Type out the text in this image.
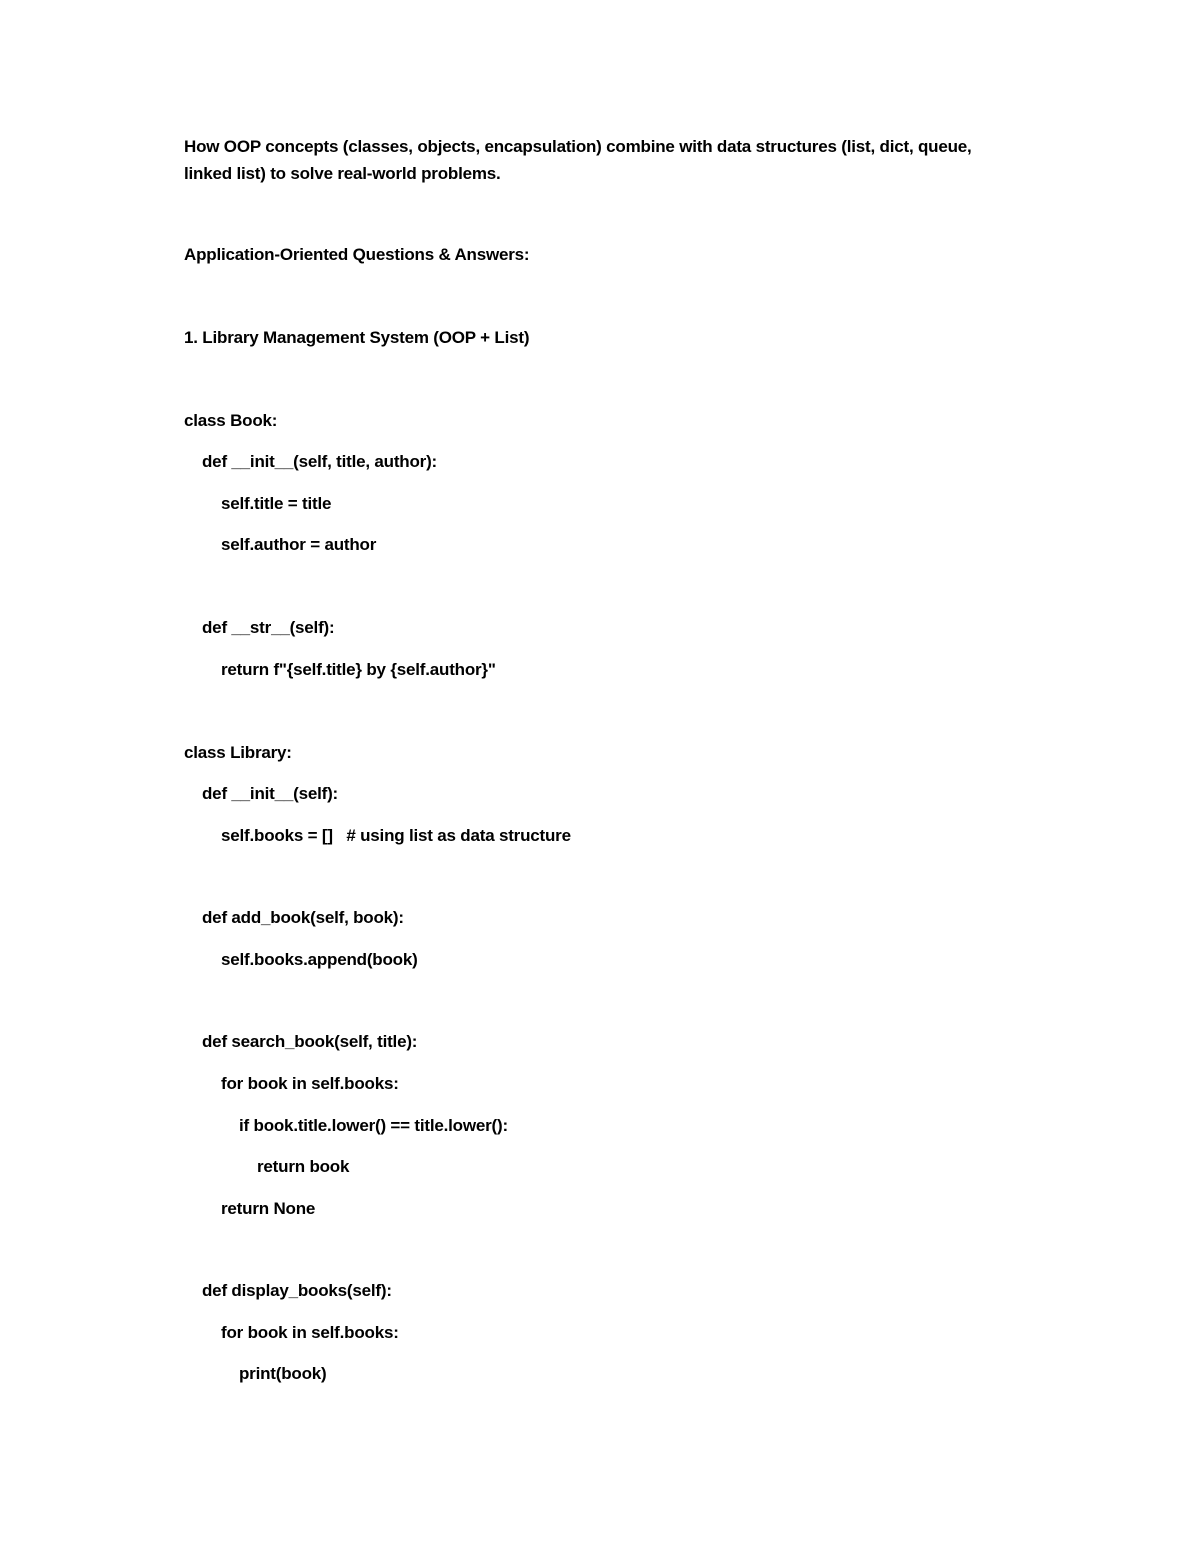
How OOP concepts (classes, objects, encapsulation) combine with data structures (list, dict, queue, linked list) to solve real-world problems.
Application-Oriented Questions & Answers:
1. Library Management System (OOP + List)
class Book:
def __init__(self, title, author):
self.title = title
self.author = author
def __str__(self):
return f"{self.title} by {self.author}"
class Library:
def __init__(self):
self.books = []   # using list as data structure
def add_book(self, book):
self.books.append(book)
def search_book(self, title):
for book in self.books:
if book.title.lower() == title.lower():
return book
return None
def display_books(self):
for book in self.books:
print(book)
